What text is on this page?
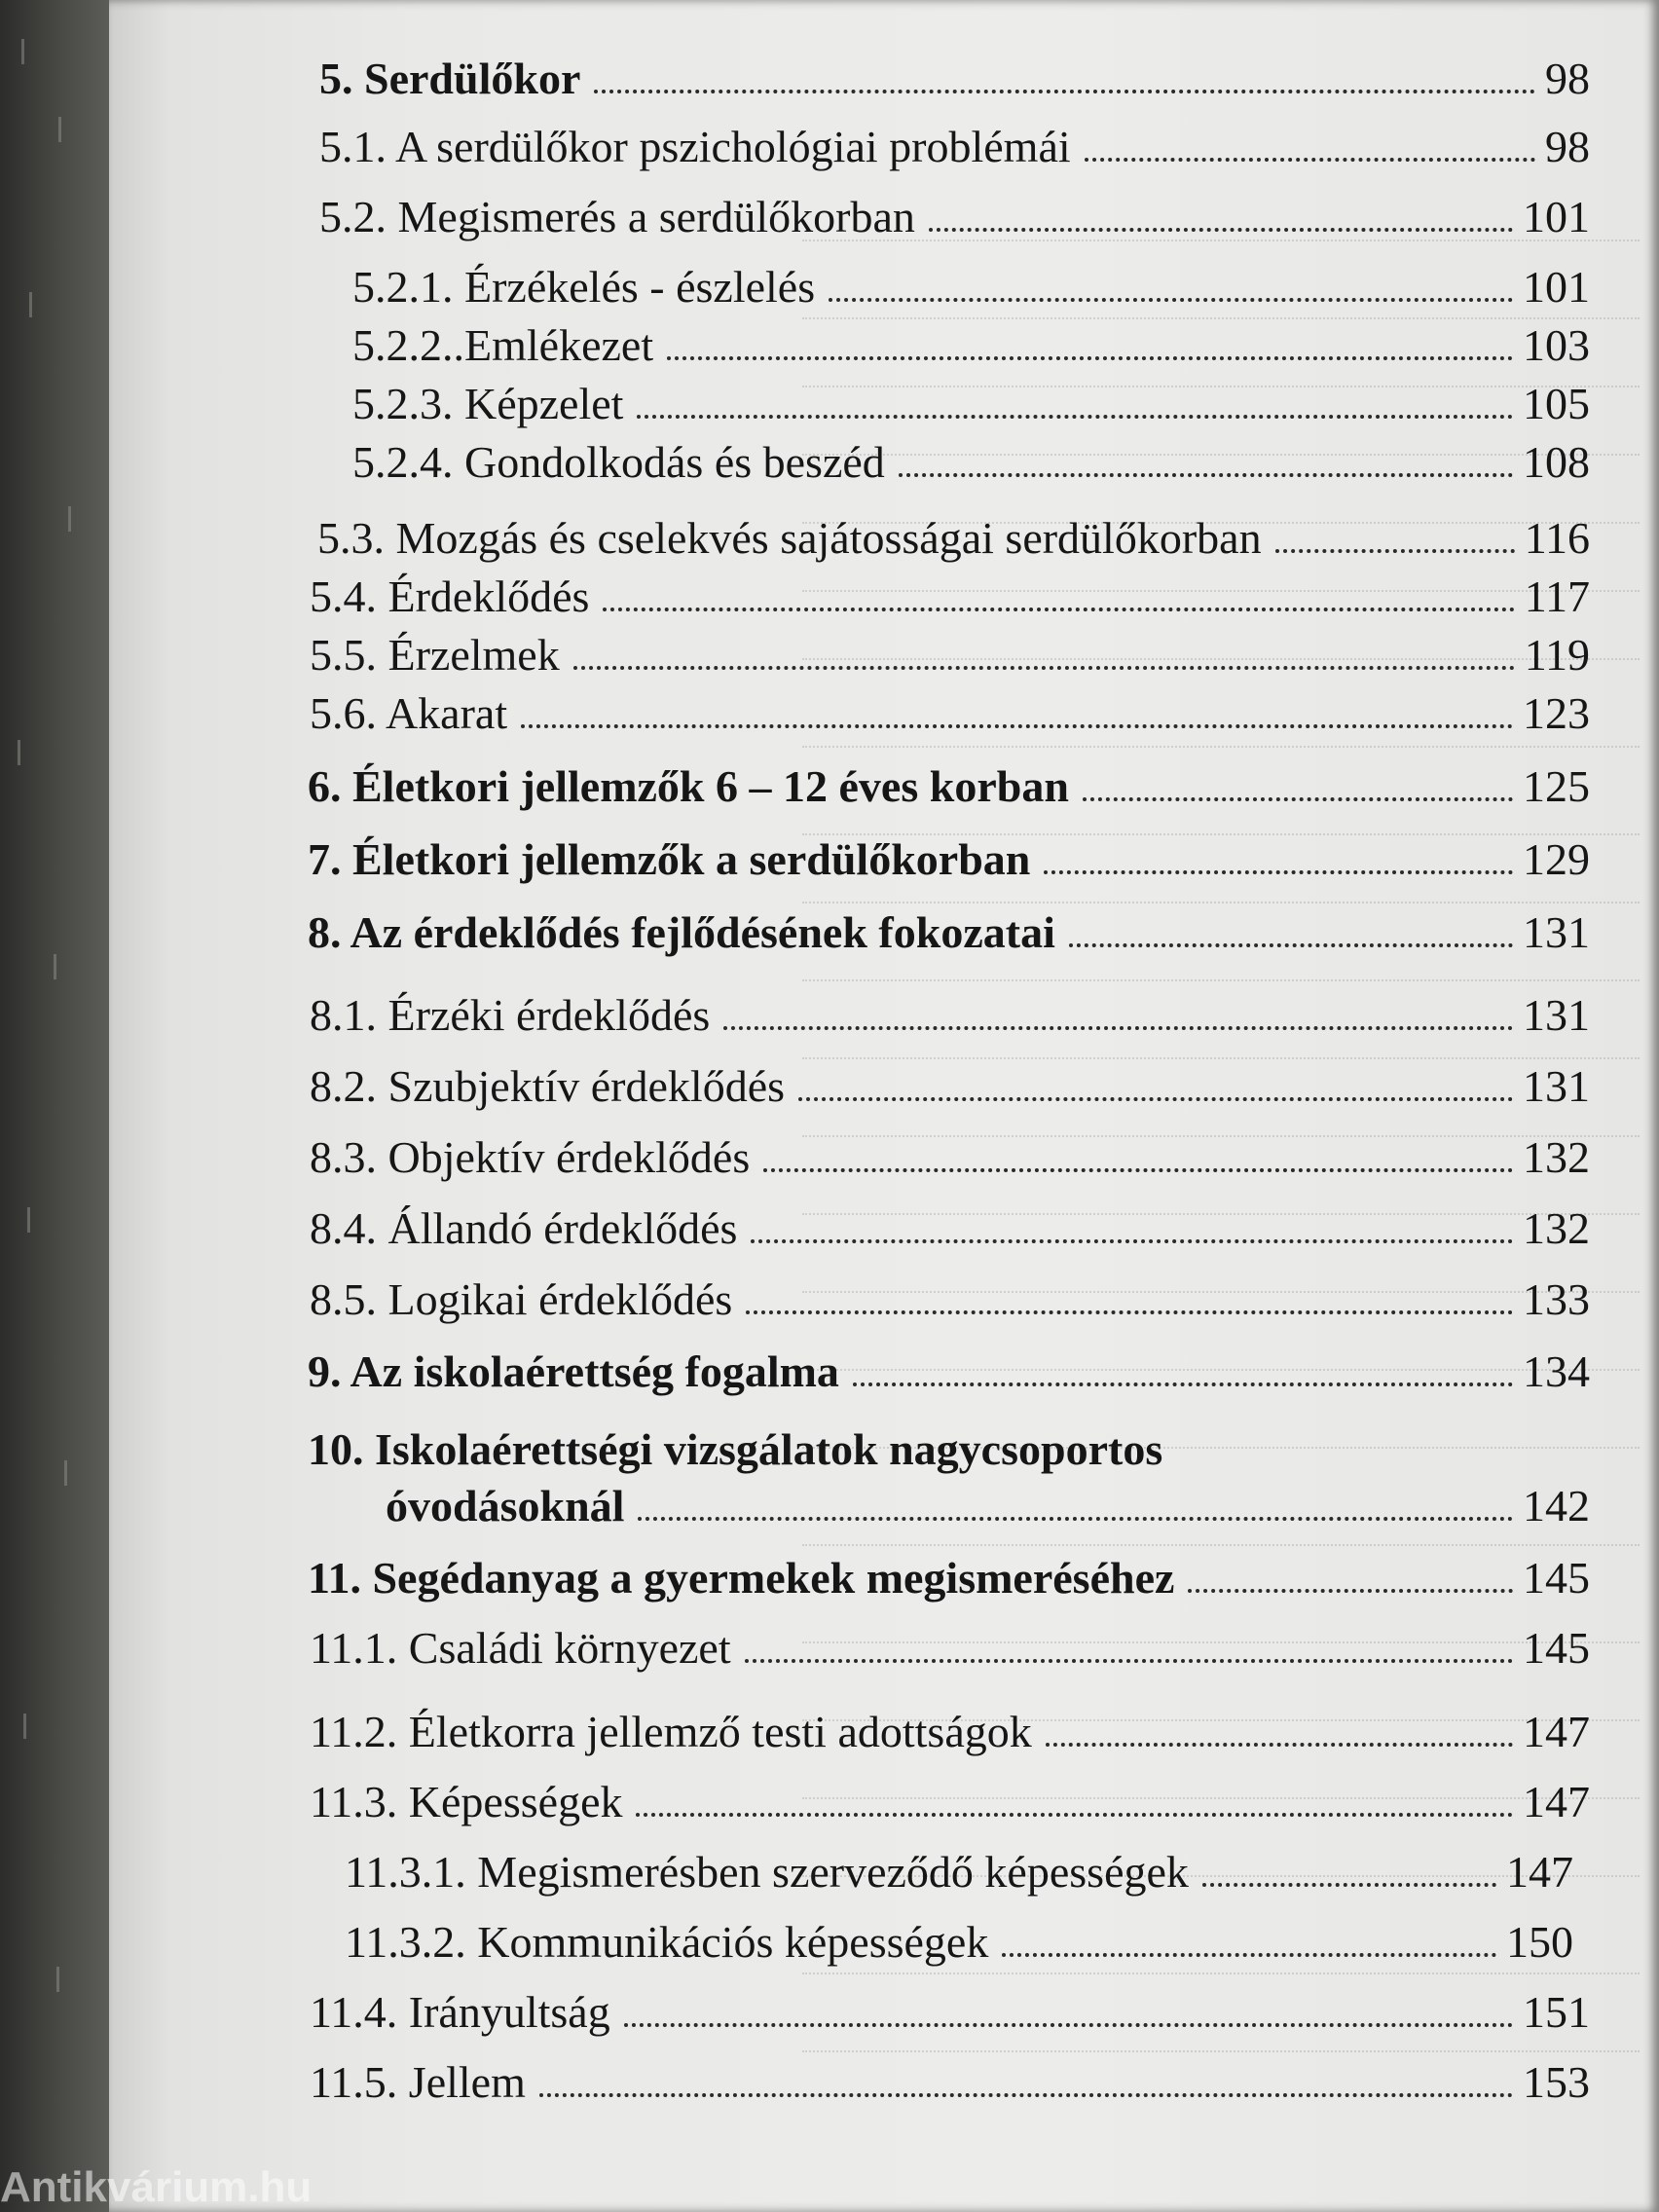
5. Serdülőkor	98
5.1. A serdülőkor pszichológiai problémái	98
5.2. Megismerés a serdülőkorban	101
5.2.1. Érzékelés - észlelés	101
5.2.2..Emlékezet	103
5.2.3. Képzelet	105
5.2.4. Gondolkodás és beszéd	108
5.3. Mozgás és cselekvés sajátosságai serdülőkorban	116
5.4. Érdeklődés	117
5.5. Érzelmek	119
5.6. Akarat	123
6. Életkori jellemzők 6 – 12 éves korban	125
7. Életkori jellemzők a serdülőkorban	129
8. Az érdeklődés fejlődésének fokozatai	131
8.1. Érzéki érdeklődés	131
8.2. Szubjektív érdeklődés	131
8.3. Objektív érdeklődés	132
8.4. Állandó érdeklődés	132
8.5. Logikai érdeklődés	133
9. Az iskolaérettség fogalma	134
10. Iskolaérettségi vizsgálatok nagycsoportos
óvodásoknál	142
11. Segédanyag a gyermekek megismeréséhez	145
11.1. Családi környezet	145
11.2. Életkorra jellemző testi adottságok	147
11.3. Képességek	147
11.3.1. Megismerésben szerveződő képességek	147
11.3.2. Kommunikációs képességek	150
11.4. Irányultság	151
11.5. Jellem	153
Antikvárium.hu
